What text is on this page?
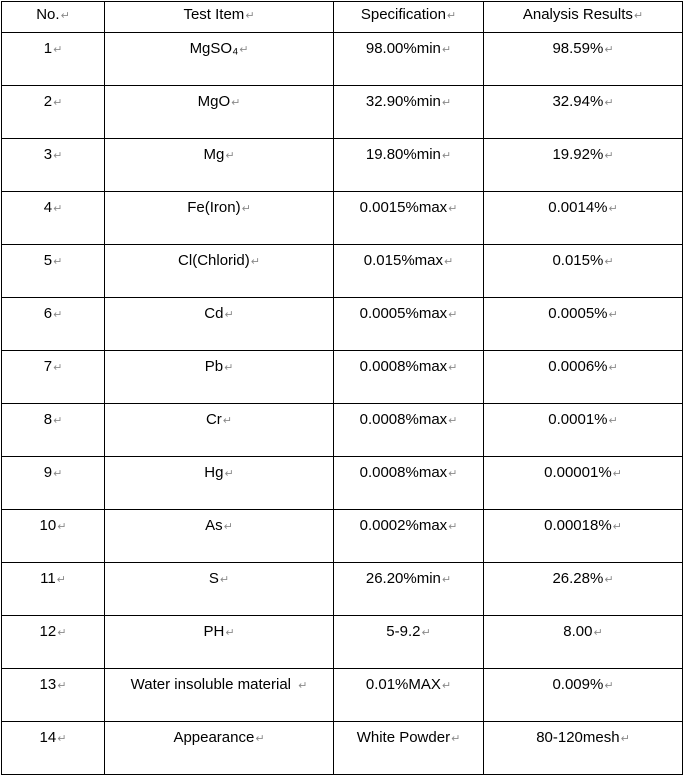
No.↵	Test Item↵	Specification↵	Analysis Results↵
1↵	MgSO₄↵	98.00%min↵	98.59%↵
2↵	MgO↵	32.90%min↵	32.94%↵
3↵	Mg↵	19.80%min↵	19.92%↵
4↵	Fe(Iron)↵	0.0015%max↵	0.0014%↵
5↵	Cl(Chlorid)↵	0.015%max↵	0.015%↵
6↵	Cd↵	0.0005%max↵	0.0005%↵
7↵	Pb↵	0.0008%max↵	0.0006%↵
8↵	Cr↵	0.0008%max↵	0.0001%↵
9↵	Hg↵	0.0008%max↵	0.00001%↵
10↵	As↵	0.0002%max↵	0.00018%↵
11↵	S↵	26.20%min↵	26.28%↵
12↵	PH↵	5-9.2↵	8.00↵
13↵	Water insoluble material  ↵	0.01%MAX↵	0.009%↵
14↵	Appearance↵	White Powder↵	80-120mesh↵
